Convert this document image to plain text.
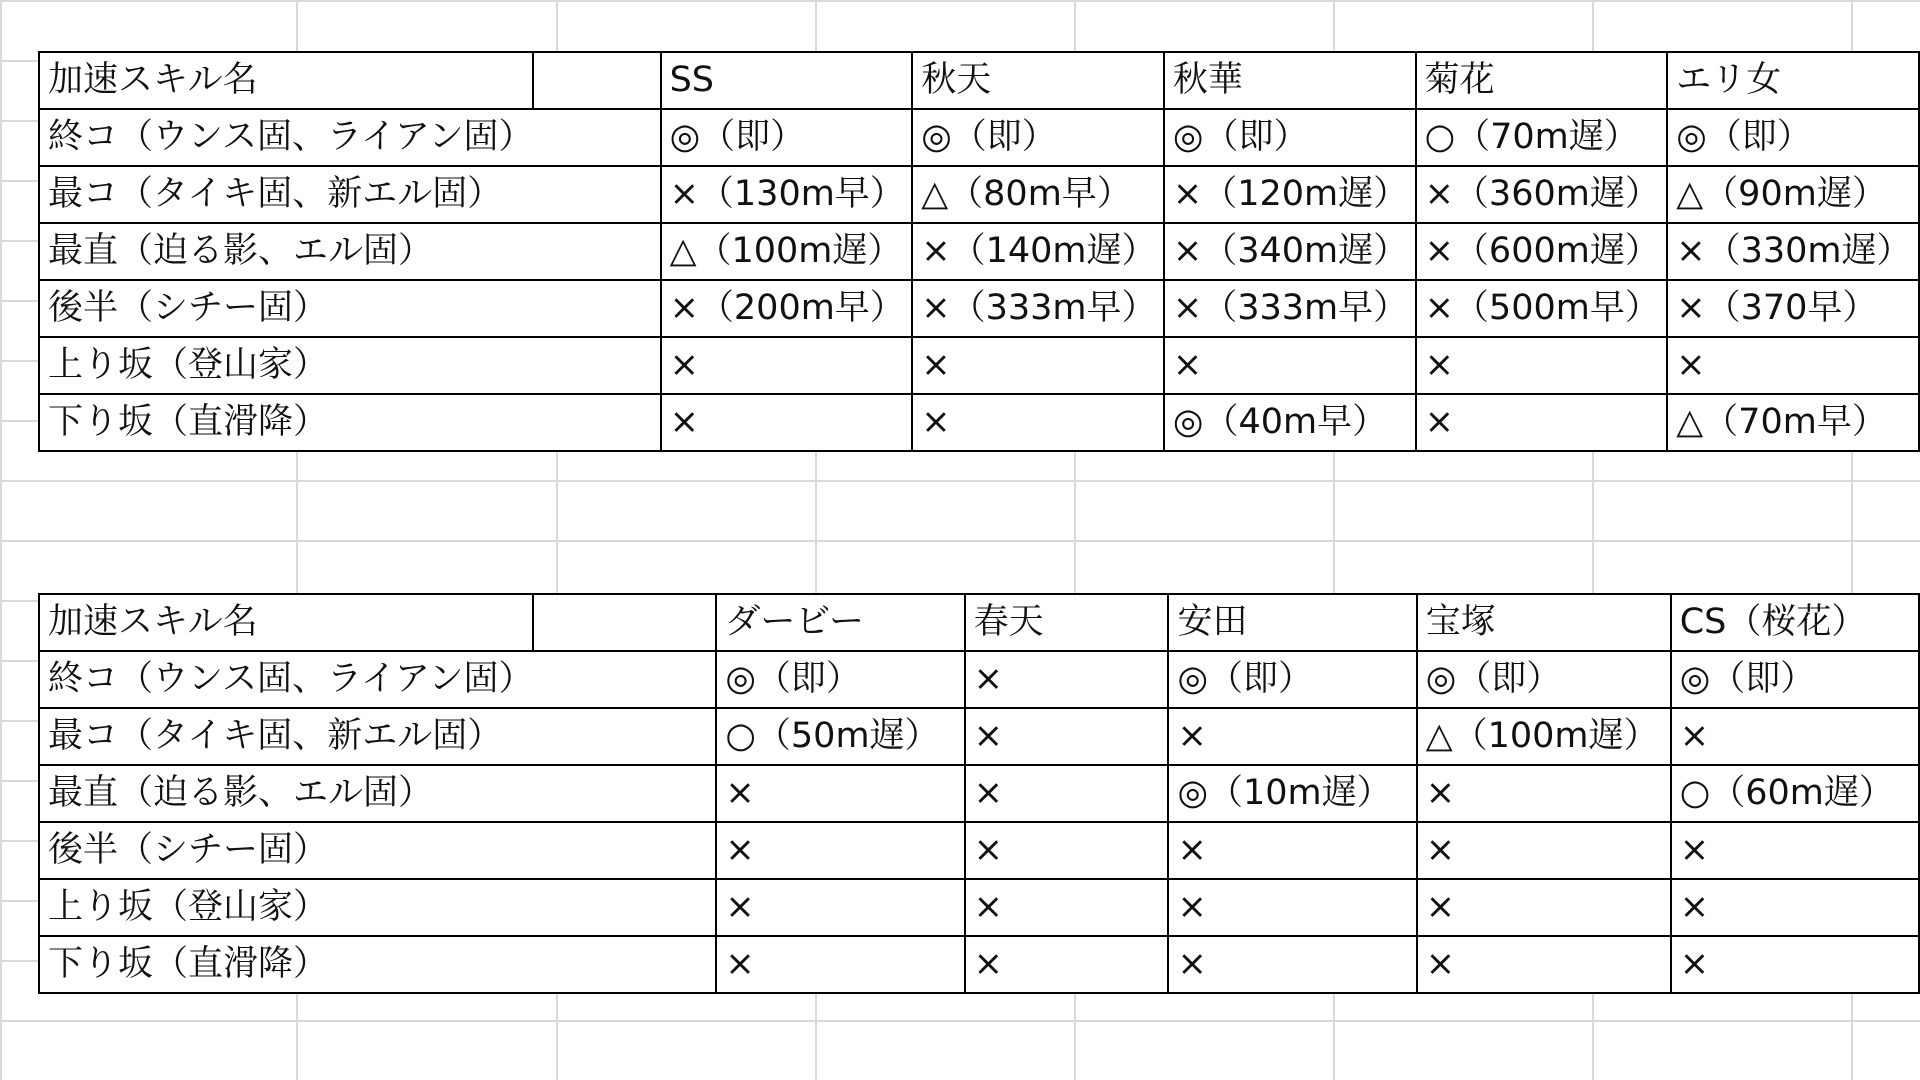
加速スキル名		SS	秋天	秋華	菊花	エリ女
終コ（ウンス固、ライアン固）		◎（即）	◎（即）	◎（即）	○（70m遅）	◎（即）
最コ（タイキ固、新エル固）		×（130m早）	△（80m早）	×（120m遅）	×（360m遅）	△（90m遅）
最直（迫る影、エル固）		△（100m遅）	×（140m遅）	×（340m遅）	×（600m遅）	×（330m遅）
後半（シチー固）		×（200m早）	×（333m早）	×（333m早）	×（500m早）	×（370早）
上り坂（登山家）		×	×	×	×	×
下り坂（直滑降）		×	×	◎（40m早）	×	△（70m早）
加速スキル名		ダービー	春天	安田	宝塚	CS（桜花）
終コ（ウンス固、ライアン固）		◎（即）	×	◎（即）	◎（即）	◎（即）
最コ（タイキ固、新エル固）		○（50m遅）	×	×	△（100m遅）	×
最直（迫る影、エル固）		×	×	◎（10m遅）	×	○（60m遅）
後半（シチー固）		×	×	×	×	×
上り坂（登山家）		×	×	×	×	×
下り坂（直滑降）		×	×	×	×	×
